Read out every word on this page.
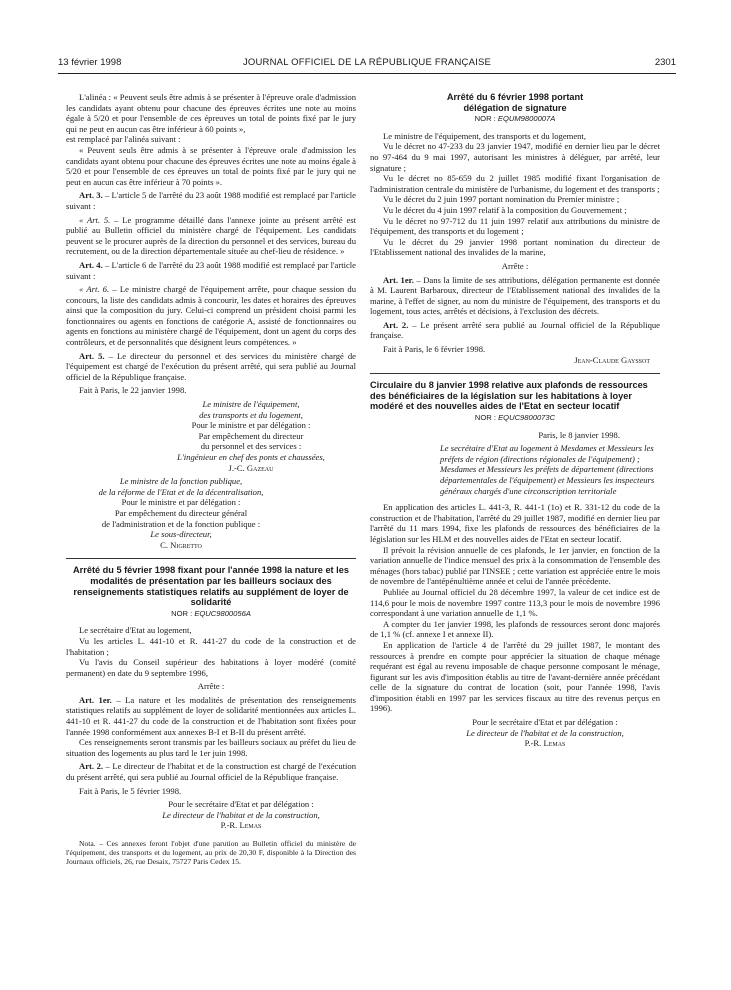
13 février 1998	JOURNAL OFFICIEL DE LA RÉPUBLIQUE FRANÇAISE	2301

L'alinéa : « Peuvent seuls être admis à se présenter à l'épreuve orale d'admission les candidats ayant obtenu pour chacune des épreuves écrites une note au moins égale à 5/20 et pour l'ensemble de ces épreuves un total de points fixé par le jury qui ne peut en aucun cas être inférieur à 60 points »,

est remplacé par l'alinéa suivant :

« Peuvent seuls être admis à se présenter à l'épreuve orale d'admission les candidats ayant obtenu pour chacune des épreuves écrites une note au moins égale à 5/20 et pour l'ensemble de ces épreuves un total de points fixé par le jury qui ne peut en aucun cas être inférieur à 70 points ».

Art. 3. – L'article 5 de l'arrêté du 23 août 1988 modifié est remplacé par l'article suivant :

« Art. 5. – Le programme détaillé dans l'annexe jointe au présent arrêté est publié au Bulletin officiel du ministère chargé de l'équipement. Les candidats peuvent se le procurer auprès de la direction du personnel et des services, bureau du recrutement, ou de la direction départementale située au chef-lieu de résidence. »

Art. 4. – L'article 6 de l'arrêté du 23 août 1988 modifié est remplacé par l'article suivant :

« Art. 6. – Le ministre chargé de l'équipement arrête, pour chaque session du concours, la liste des candidats admis à concourir, les dates et horaires des épreuves ainsi que la composition du jury. Celui-ci comprend un président choisi parmi les fonctionnaires ou agents en fonctions de catégorie A, assisté de fonctionnaires ou agents en fonctions au ministère chargé de l'équipement, dont un agent du corps des contrôleurs, et de personnalités que désignent leurs compétences. »

Art. 5. – Le directeur du personnel et des services du ministère chargé de l'équipement est chargé de l'exécution du présent arrêté, qui sera publié au Journal officiel de la République française.

Fait à Paris, le 22 janvier 1998.

Le ministre de l'équipement,

des transports et du logement,

Pour le ministre et par délégation :

Par empêchement du directeur

du personnel et des services :

L'ingénieur en chef des ponts et chaussées,

J.-C. Gazeau

Le ministre de la fonction publique,

de la réforme de l'Etat et de la décentralisation,

Pour le ministre et par délégation :

Par empêchement du directeur général

de l'administration et de la fonction publique :

Le sous-directeur,

C. Nigretto

Arrêté du 5 février 1998 fixant pour l'année 1998 la nature et les modalités de présentation par les bailleurs sociaux des renseignements statistiques relatifs au supplément de loyer de solidarité

NOR : EQUC9800056A

Le secrétaire d'Etat au logement,

Vu les articles L. 441-10 et R. 441-27 du code de la construction et de l'habitation ;

Vu l'avis du Conseil supérieur des habitations à loyer modéré (comité permanent) en date du 9 septembre 1996,

Arrête :

Art. 1er. – La nature et les modalités de présentation des renseignements statistiques relatifs au supplément de loyer de solidarité mentionnées aux articles L. 441-10 et R. 441-27 du code de la construction et de l'habitation sont fixées pour l'année 1998 conformément aux annexes B-I et B-II du présent arrêté.

Ces renseignements seront transmis par les bailleurs sociaux au préfet du lieu de situation des logements au plus tard le 1er juin 1998.

Art. 2. – Le directeur de l'habitat et de la construction est chargé de l'exécution du présent arrêté, qui sera publié au Journal officiel de la République française.

Fait à Paris, le 5 février 1998.

Pour le secrétaire d'Etat et par délégation :

Le directeur de l'habitat et de la construction,

P.-R. Lemas

Nota. – Ces annexes feront l'objet d'une parution au Bulletin officiel du ministère de l'équipement, des transports et du logement, au prix de 20,30 F, disponible à la Direction des Journaux officiels, 26, rue Desaix, 75727 Paris Cedex 15.

Arrêté du 6 février 1998 portant délégation de signature

NOR : EQUM9800007A

Le ministre de l'équipement, des transports et du logement,

Vu le décret no 47-233 du 23 janvier 1947, modifié en dernier lieu par le décret no 97-464 du 9 mai 1997, autorisant les ministres à déléguer, par arrêté, leur signature ;

Vu le décret no 85-659 du 2 juillet 1985 modifié fixant l'organisation de l'administration centrale du ministère de l'urbanisme, du logement et des transports ;

Vu le décret du 2 juin 1997 portant nomination du Premier ministre ;

Vu le décret du 4 juin 1997 relatif à la composition du Gouvernement ;

Vu le décret no 97-712 du 11 juin 1997 relatif aux attributions du ministre de l'équipement, des transports et du logement ;

Vu le décret du 29 janvier 1998 portant nomination du directeur de l'Etablissement national des invalides de la marine,

Arrête :

Art. 1er. – Dans la limite de ses attributions, délégation permanente est donnée à M. Laurent Barbaroux, directeur de l'Etablissement national des invalides de la marine, à l'effet de signer, au nom du ministre de l'équipement, des transports et du logement, tous actes, arrêtés et décisions, à l'exclusion des décrets.

Art. 2. – Le présent arrêté sera publié au Journal officiel de la République française.

Fait à Paris, le 6 février 1998.

Jean-Claude Gayssot

Circulaire du 8 janvier 1998 relative aux plafonds de ressources des bénéficiaires de la législation sur les habitations à loyer modéré et des nouvelles aides de l'Etat en secteur locatif

NOR : EQUC9800073C

Paris, le 8 janvier 1998.

Le secrétaire d'Etat au logement à Mesdames et Messieurs les préfets de région (directions régionales de l'équipement) ; Mesdames et Messieurs les préfets de département (directions départementales de l'équipement) et Messieurs les inspecteurs généraux chargés d'une circonscription territoriale

En application des articles L. 441-3, R. 441-1 (1o) et R. 331-12 du code de la construction et de l'habitation, l'arrêté du 29 juillet 1987, modifié en dernier lieu par l'arrêté du 11 mars 1994, fixe les plafonds de ressources des bénéficiaires de la législation sur les HLM et des nouvelles aides de l'Etat en secteur locatif.

Il prévoit la révision annuelle de ces plafonds, le 1er janvier, en fonction de la variation annuelle de l'indice mensuel des prix à la consommation de l'ensemble des ménages (hors tabac) publié par l'INSEE ; cette variation est appréciée entre le mois de novembre de l'antépénultième année et celui de l'année précédente.

Publiée au Journal officiel du 28 décembre 1997, la valeur de cet indice est de 114,6 pour le mois de novembre 1997 contre 113,3 pour le mois de novembre 1996 correspondant à une variation annuelle de 1,1 %.

A compter du 1er janvier 1998, les plafonds de ressources seront donc majorés de 1,1 % (cf. annexe I et annexe II).

En application de l'article 4 de l'arrêté du 29 juillet 1987, le montant des ressources à prendre en compte pour apprécier la situation de chaque ménage requérant est égal au revenu imposable de chaque personne composant le ménage, figurant sur les avis d'imposition établis au titre de l'avant-dernière année précédant celle de la signature du contrat de location (soit, pour l'année 1998, l'avis d'imposition établi en 1997 par les services fiscaux au titre des revenus perçus en 1996).

Pour le secrétaire d'Etat et par délégation :

Le directeur de l'habitat et de la construction,

P.-R. Lemas
